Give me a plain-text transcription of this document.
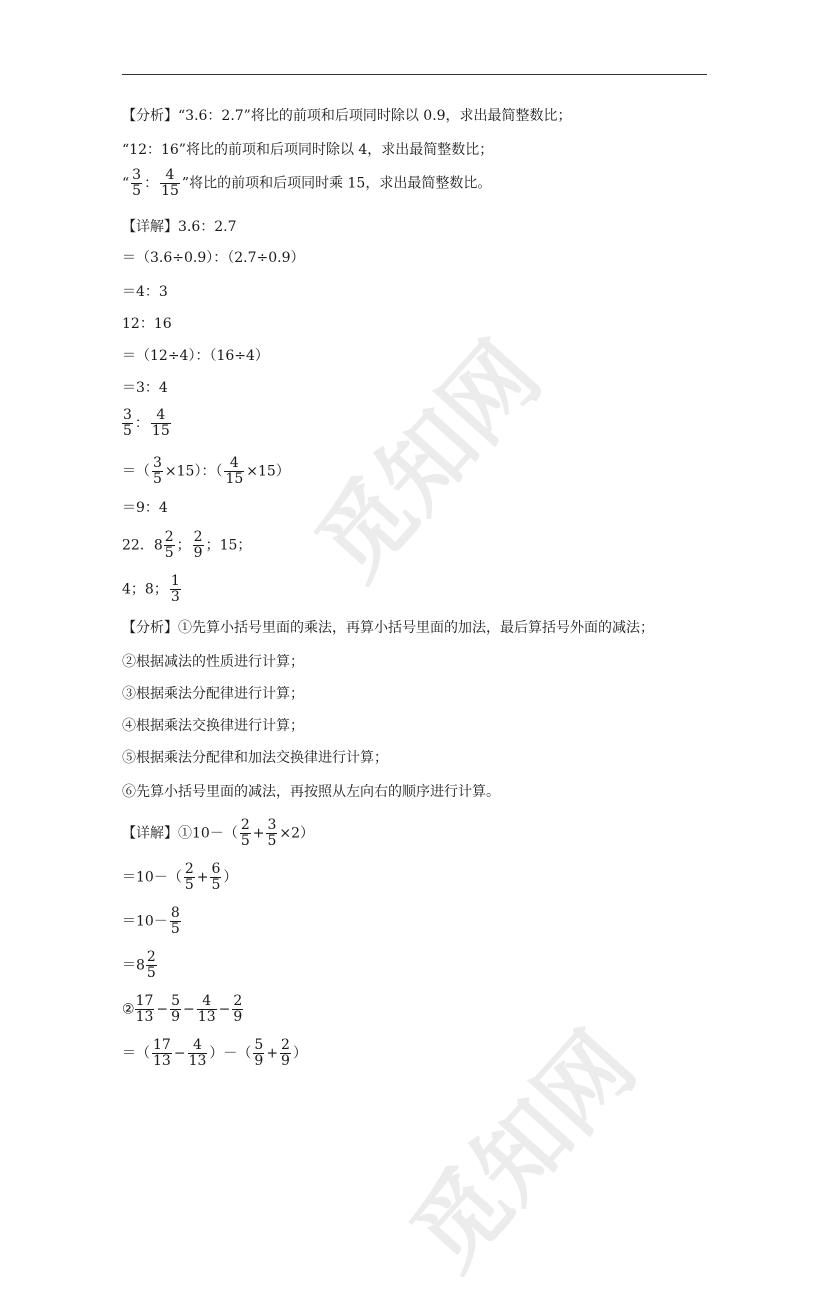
觅知网
觅知网
【分析】“3.6：2.7”将比的前项和后项同时除以 0.9，求出最简整数比；
“12：16”将比的前项和后项同时除以 4，求出最简整数比；
“ $\frac{3}{5}$ ： $\frac{4}{15}$ ”将比的前项和后项同时乘 15，求出最简整数比。
【详解】3.6：2.7
＝（3.6÷0.9）：（2.7÷0.9）
＝4：3
12：16
＝（12÷4）：（16÷4）
＝3：4
$\frac{3}{5}$ ： $\frac{4}{15}$
＝（ $\frac{3}{5} \times 15$）：（ $\frac{4}{15} \times 15$）
＝9：4
22．$8 \frac{2}{5}$ ； $\frac{2}{9}$ ；15；
4；8； $\frac{1}{3}$
【分析】①先算小括号里面的乘法，再算小括号里面的加法，最后算括号外面的减法；
②根据减法的性质进行计算；
③根据乘法分配律进行计算；
④根据乘法交换律进行计算；
⑤根据乘法分配律和加法交换律进行计算；
⑥先算小括号里面的减法，再按照从左向右的顺序进行计算。
【详解】①10－（ $\frac{2}{5} + \frac{3}{5} \times 2$）
$=10-( \frac{2}{5} + \frac{6}{5}$ ）
$=10- \frac{8}{5}$
$=8 \frac{2}{5}$
② $\frac{17}{13} - \frac{5}{9} - \frac{4}{13} - \frac{2}{9}$
＝（ $\frac{17}{13} - \frac{4}{13}$ ）－（ $\frac{5}{9} + \frac{2}{9}$ ）
